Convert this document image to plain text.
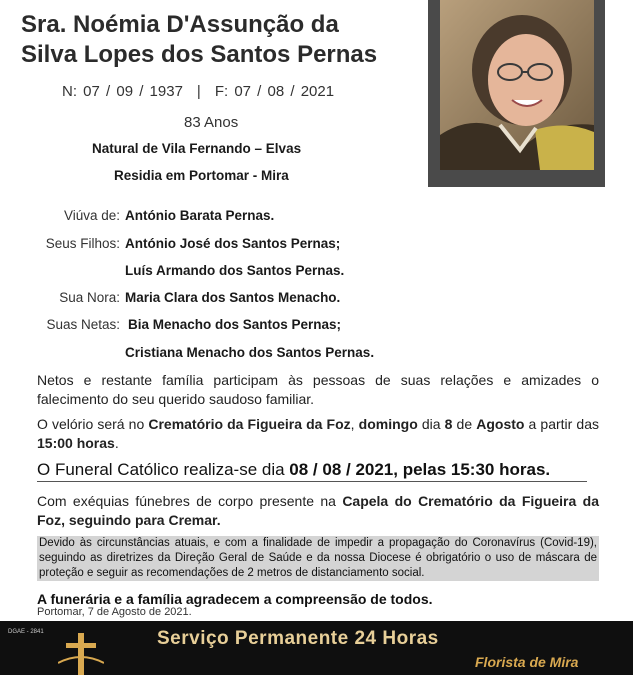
Sra. Noémia D'Assunção da
Silva Lopes dos Santos Pernas
N: 07 / 09 / 1937 | F: 07 / 08 / 2021
83 Anos
Natural de Vila Fernando – Elvas
Residia em Portomar - Mira
Viúva de: António Barata Pernas.
Seus Filhos: António José dos Santos Pernas;
Luís Armando dos Santos Pernas.
Sua Nora: Maria Clara dos Santos Menacho.
Suas Netas: Bia Menacho dos Santos Pernas;
Cristiana Menacho dos Santos Pernas.
Netos e restante família participam às pessoas de suas relações e amizades o falecimento do seu querido saudoso familiar.
O velório será no Crematório da Figueira da Foz, domingo dia 8 de Agosto a partir das 15:00 horas.
O Funeral Católico realiza-se dia 08 / 08 / 2021, pelas 15:30 horas.
Com exéquias fúnebres de corpo presente na Capela do Crematório da Figueira da Foz, seguindo para Cremar.
Devido às circunstâncias atuais, e com a finalidade de impedir a propagação do Coronavírus (Covid-19), seguindo as diretrizes da Direção Geral de Saúde e da nossa Diocese é obrigatório o uso de máscara de proteção e seguir as recomendações de 2 metros de distanciamento social.
A funerária e a família agradecem a compreensão de todos.
Portomar, 7 de Agosto de 2021.
DGAE - 2841	Serviço Permanente 24 Horas
Florista de Mira
